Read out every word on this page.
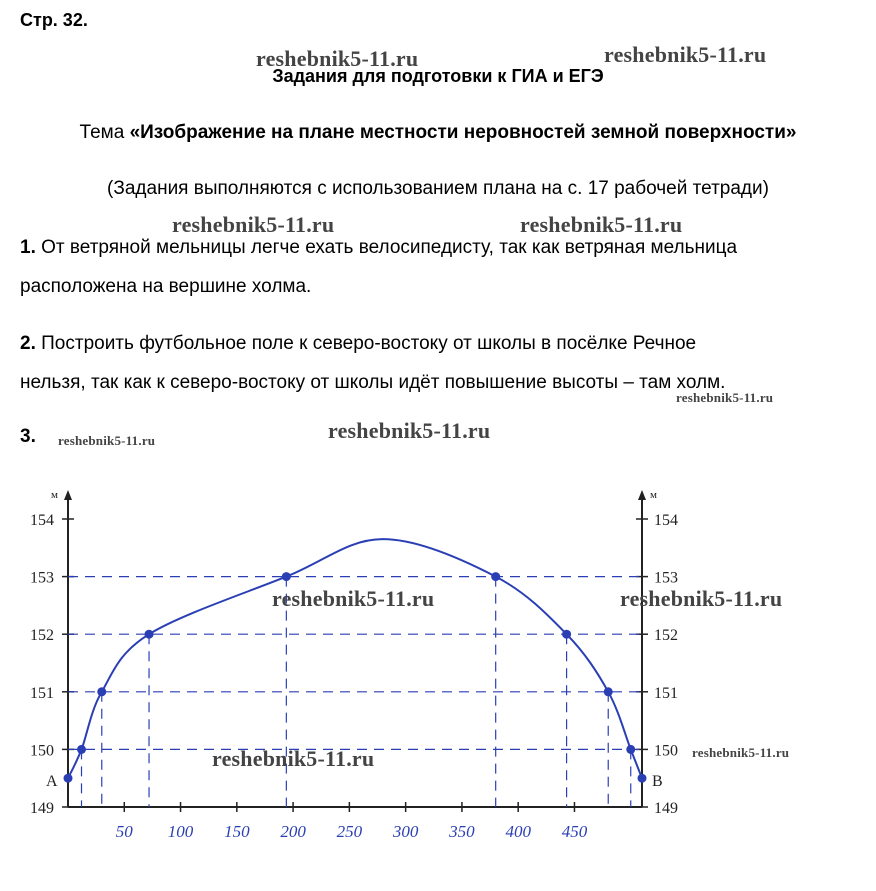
Стр. 32.
Задания для подготовки к ГИА и ЕГЭ
Тема «Изображение на плане местности неровностей земной поверхности»
(Задания выполняются с использованием плана на с. 17 рабочей тетради)
1. От ветряной мельницы легче ехать велосипедисту, так как ветряная мельница
расположена на вершине холма.
2. Построить футбольное поле к северо-востоку от школы в посёлке Речное
нельзя, так как к северо-востоку от школы идёт повышение высоты – там холм.
3.
reshebnik5-11.ru	reshebnik5-11.ru
reshebnik5-11.ru	reshebnik5-11.ru
reshebnik5-11.ru
reshebnik5-11.ru
reshebnik5-11.ru
м	м
149	149
150	150
151	151
152	152
153	153
154	154
50 100 150 200 250 300 350 400 450
A	B
reshebnik5-11.ru	reshebnik5-11.ru
reshebnik5-11.ru	reshebnik5-11.ru
